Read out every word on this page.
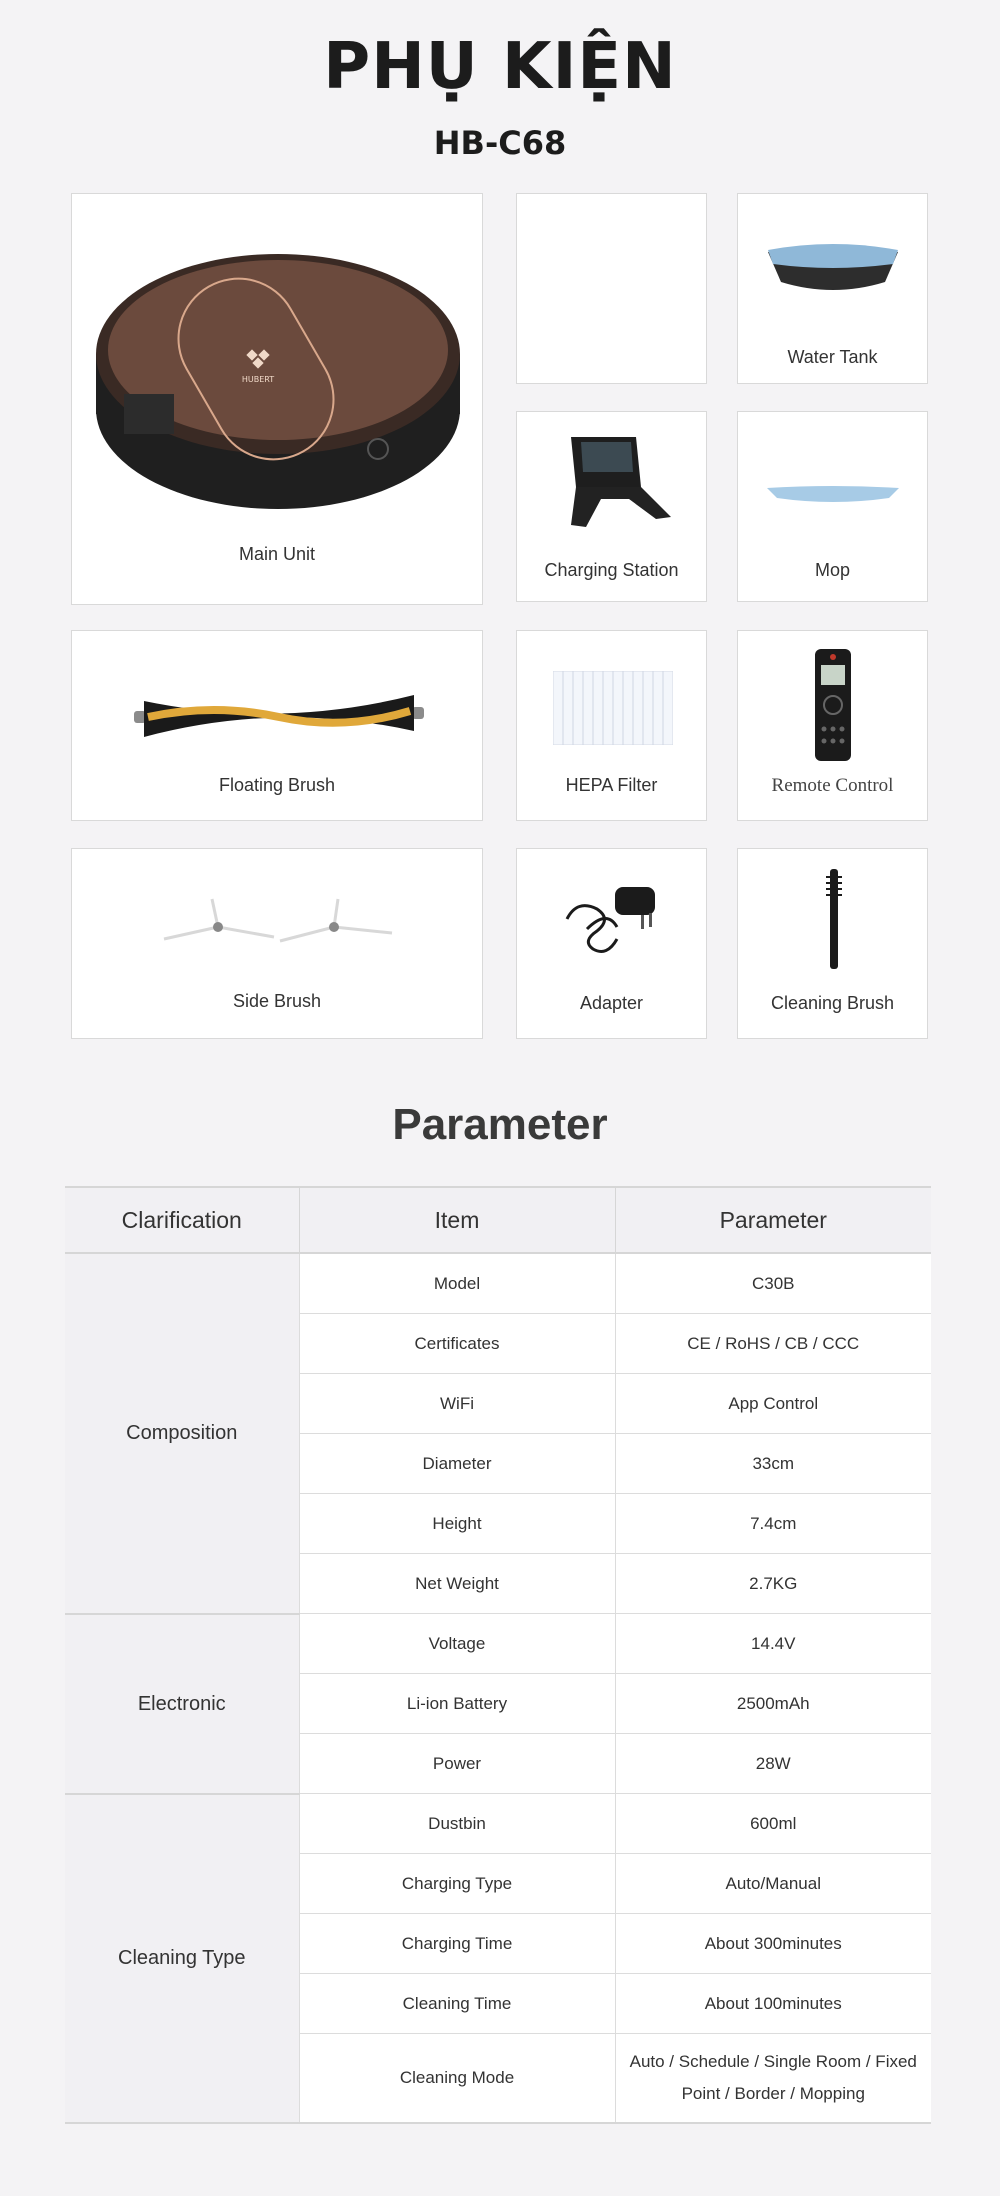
PHỤ KIỆN
HB-C68
HUBERT
Main Unit
Water Tank
Charging Station	Mop
Floating Brush	HEPA Filter	Remote Control
Side Brush	Adapter	Cleaning Brush
Parameter
Clarification	Item	Parameter
Composition	Model	C30B
	Certificates	CE / RoHS / CB / CCC
	WiFi	App Control
	Diameter	33cm
	Height	7.4cm
	Net Weight	2.7KG
Electronic	Voltage	14.4V
	Li-ion Battery	2500mAh
	Power	28W
Cleaning Type	Dustbin	600ml
	Charging Type	Auto/Manual
	Charging Time	About 300minutes
	Cleaning Time	About 100minutes
	Cleaning Mode	Auto / Schedule / Single Room / Fixed Point / Border / Mopping
